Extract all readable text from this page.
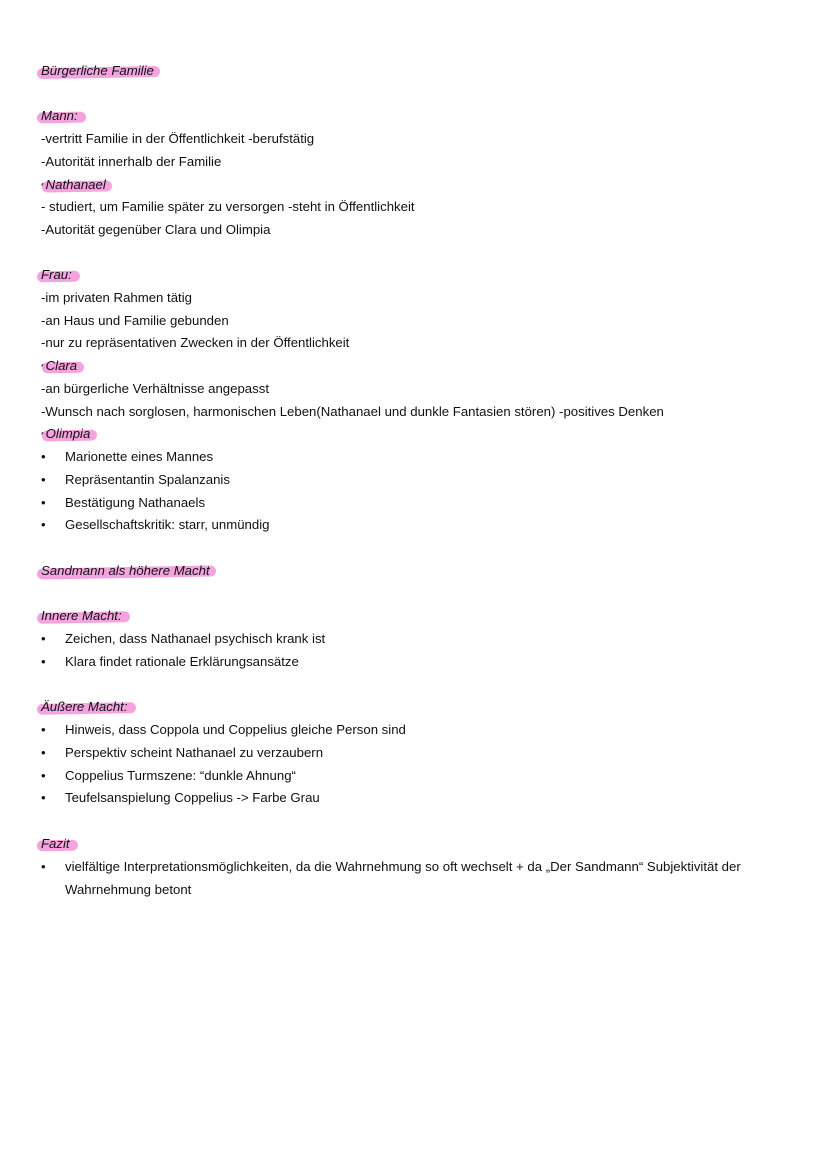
Bürgerliche Familie
Mann:
-vertritt Familie in der Öffentlichkeit -berufstätig
-Autorität innerhalb der Familie
•Nathanael
- studiert, um Familie später zu versorgen -steht in Öffentlichkeit
-Autorität gegenüber Clara und Olimpia
Frau:
-im privaten Rahmen tätig
-an Haus und Familie gebunden
-nur zu repräsentativen Zwecken in der Öffentlichkeit
•Clara
-an bürgerliche Verhältnisse angepasst
-Wunsch nach sorglosen, harmonischen Leben(Nathanael und dunkle Fantasien stören) -positives Denken
•Olimpia
• Marionette eines Mannes
• Repräsentantin Spalanzanis
• Bestätigung Nathanaels
• Gesellschaftskritik: starr, unmündig
Sandmann als höhere Macht
Innere Macht:
• Zeichen, dass Nathanael psychisch krank ist
• Klara findet rationale Erklärungsansätze
Äußere Macht:
• Hinweis, dass Coppola und Coppelius gleiche Person sind
• Perspektiv scheint Nathanael zu verzaubern
• Coppelius Turmszene: “dunkle Ahnung“
• Teufelsanspielung Coppelius -> Farbe Grau
Fazit
• vielfältige Interpretationsmöglichkeiten, da die Wahrnehmung so oft wechselt + da „Der Sandmann“ Subjektivität der Wahrnehmung betont
